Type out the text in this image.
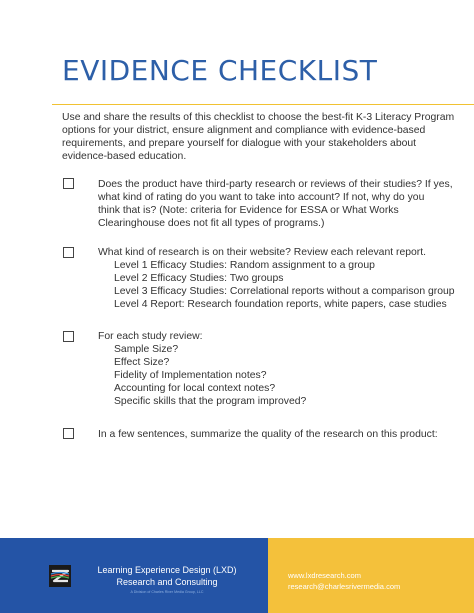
EVIDENCE CHECKLIST
Use and share the results of this checklist to choose the best-fit K-3 Literacy Program
options for your district, ensure alignment and compliance with evidence-based
requirements, and prepare yourself for dialogue with your stakeholders about
evidence-based education.
Does the product have third-party research or reviews of their studies? If yes,
what kind of rating do you want to take into account? If not, why do you
think that is? (Note: criteria for Evidence for ESSA or What Works
Clearinghouse does not fit all types of programs.)
What kind of research is on their website? Review each relevant report.
Level 1 Efficacy Studies: Random assignment to a group
Level 2 Efficacy Studies: Two groups
Level 3 Efficacy Studies: Correlational reports without a comparison group
Level 4 Report: Research foundation reports, white papers, case studies
For each study review:
Sample Size?
Effect Size?
Fidelity of Implementation notes?
Accounting for local context notes?
Specific skills that the program improved?
In a few sentences, summarize the quality of the research on this product:
Learning Experience Design (LXD)
Research and Consulting
A Division of Charles River Media Group, LLC
www.lxdresearch.com
research@charlesrivermedia.com
